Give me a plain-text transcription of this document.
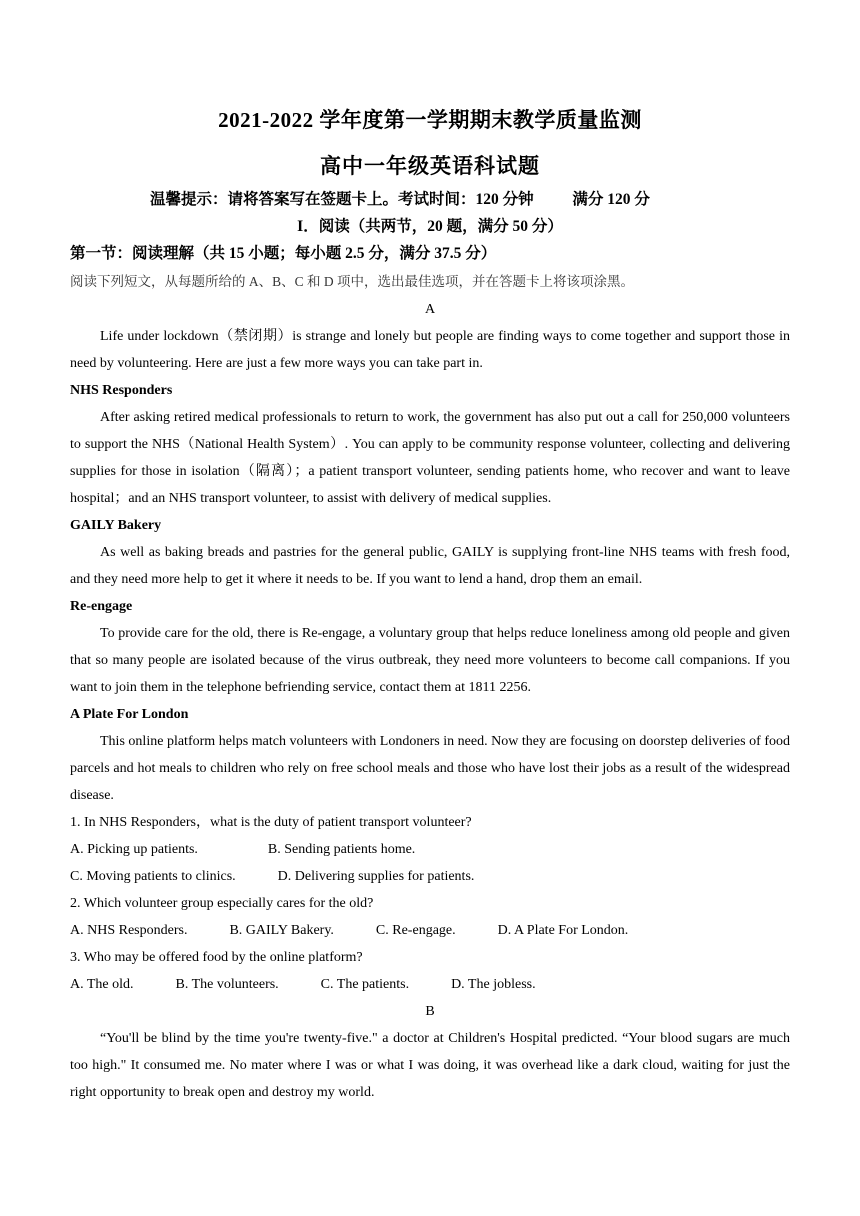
2021-2022 学年度第一学期期末教学质量监测
高中一年级英语科试题
温馨提示：请将答案写在签题卡上。考试时间：120 分钟          满分 120 分
I．阅读（共两节，20 题，满分 50 分）
第一节：阅读理解（共 15 小题；每小题 2.5 分，满分 37.5 分）
阅读下列短文，从每题所给的 A、B、C 和 D 项中，选出最佳选项，并在答题卡上将该项涂黑。

A

Life under lockdown（禁闭期）is strange and lonely but people are finding ways to come together and support those in need by volunteering. Here are just a few more ways you can take part in.

NHS Responders

After asking retired medical professionals to return to work, the government has also put out a call for 250,000 volunteers to support the NHS（National Health System）. You can apply to be community response volunteer, collecting and delivering supplies for those in isolation（隔离）；a patient transport volunteer, sending patients home, who recover and want to leave hospital；and an NHS transport volunteer, to assist with delivery of medical supplies.

GAILY Bakery

As well as baking breads and pastries for the general public, GAILY is supplying front-line NHS teams with fresh food, and they need more help to get it where it needs to be. If you want to lend a hand, drop them an email.

Re-engage

To provide care for the old, there is Re-engage, a voluntary group that helps reduce loneliness among old people and given that so many people are isolated because of the virus outbreak, they need more volunteers to become call companions. If you want to join them in the telephone befriending service, contact them at 1811 2256.

A Plate For London

This online platform helps match volunteers with Londoners in need. Now they are focusing on doorstep deliveries of food parcels and hot meals to children who rely on free school meals and those who have lost their jobs as a result of the widespread disease.

1. In NHS Responders，what is the duty of patient transport volunteer?

A. Picking up patients.                    B. Sending patients home.

C. Moving patients to clinics.            D. Delivering supplies for patients.

2. Which volunteer group especially cares for the old?

A. NHS Responders.            B. GAILY Bakery.            C. Re-engage.            D. A Plate For London.

3. Who may be offered food by the online platform?

A. The old.            B. The volunteers.            C. The patients.            D. The jobless.

B

“You'll be blind by the time you're twenty-five." a doctor at Children's Hospital predicted. “Your blood sugars are much too high." It consumed me. No mater where I was or what I was doing, it was overhead like a dark cloud, waiting for just the right opportunity to break open and destroy my world.
